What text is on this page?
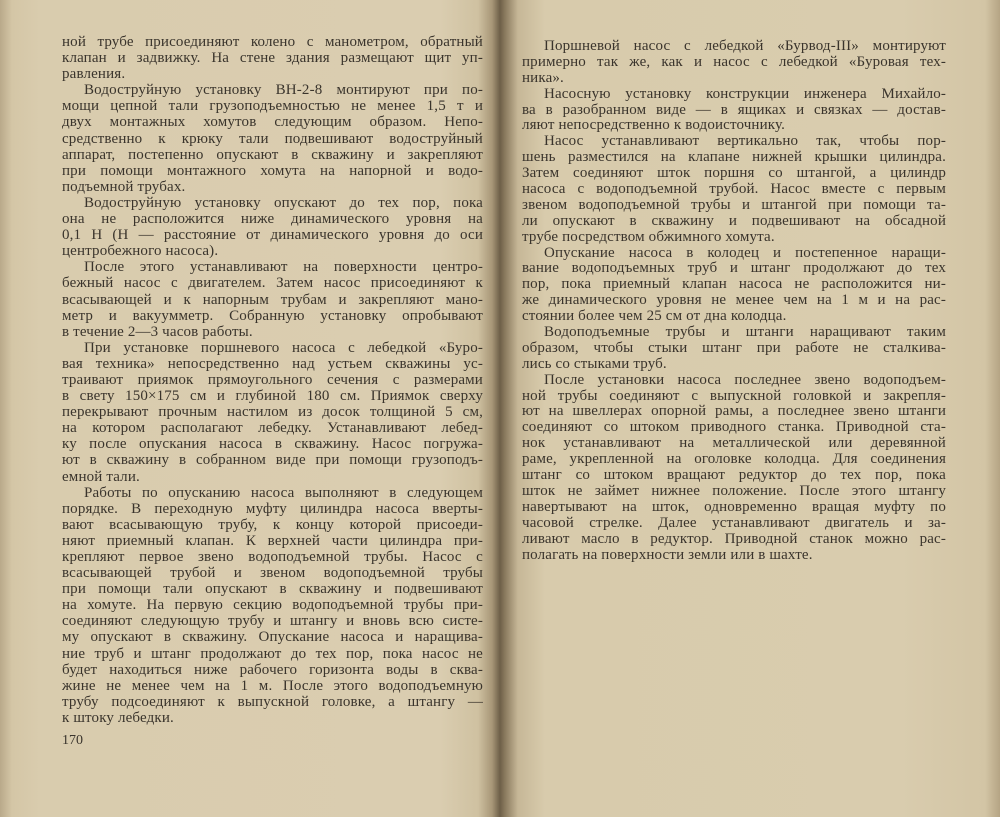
ной трубе присоединяют колено с манометром, обратный
клапан и задвижку. На стене здания размещают щит уп-
равления.
Водоструйную установку ВН-2-8 монтируют при по-
мощи цепной тали грузоподъемностью не менее 1,5 т и
двух монтажных хомутов следующим образом. Непо-
средственно к крюку тали подвешивают водоструйный
аппарат, постепенно опускают в скважину и закрепляют
при помощи монтажного хомута на напорной и водо-
подъемной трубах.
Водоструйную установку опускают до тех пор, пока
она не расположится ниже динамического уровня на
0,1 H (H — расстояние от динамического уровня до оси
центробежного насоса).
После этого устанавливают на поверхности центро-
бежный насос с двигателем. Затем насос присоединяют к
всасывающей и к напорным трубам и закрепляют мано-
метр и вакуумметр. Собранную установку опробывают
в течение 2—3 часов работы.
При установке поршневого насоса с лебедкой «Буро-
вая техника» непосредственно над устьем скважины ус-
траивают приямок прямоугольного сечения с размерами
в свету 150×175 см и глубиной 180 см. Приямок сверху
перекрывают прочным настилом из досок толщиной 5 см,
на котором располагают лебедку. Устанавливают лебед-
ку после опускания насоса в скважину. Насос погружа-
ют в скважину в собранном виде при помощи грузоподъ-
емной тали.
Работы по опусканию насоса выполняют в следующем
порядке. В переходную муфту цилиндра насоса вверты-
вают всасывающую трубу, к концу которой присоеди-
няют приемный клапан. К верхней части цилиндра при-
крепляют первое звено водоподъемной трубы. Насос с
всасывающей трубой и звеном водоподъемной трубы
при помощи тали опускают в скважину и подвешивают
на хомуте. На первую секцию водоподъемной трубы при-
соединяют следующую трубу и штангу и вновь всю систе-
му опускают в скважину. Опускание насоса и наращива-
ние труб и штанг продолжают до тех пор, пока насос не
будет находиться ниже рабочего горизонта воды в сква-
жине не менее чем на 1 м. После этого водоподъемную
трубу подсоединяют к выпускной головке, а штангу —
к штоку лебедки.
Поршневой насос с лебедкой «Бурвод-III» монтируют
примерно так же, как и насос с лебедкой «Буровая тех-
ника».
Насосную установку конструкции инженера Михайло-
ва в разобранном виде — в ящиках и связках — достав-
ляют непосредственно к водоисточнику.
Насос устанавливают вертикально так, чтобы пор-
шень разместился на клапане нижней крышки цилиндра.
Затем соединяют шток поршня со штангой, а цилиндр
насоса с водоподъемной трубой. Насос вместе с первым
звеном водоподъемной трубы и штангой при помощи та-
ли опускают в скважину и подвешивают на обсадной
трубе посредством обжимного хомута.
Опускание насоса в колодец и постепенное наращи-
вание водоподъемных труб и штанг продолжают до тех
пор, пока приемный клапан насоса не расположится ни-
же динамического уровня не менее чем на 1 м и на рас-
стоянии более чем 25 см от дна колодца.
Водоподъемные трубы и штанги наращивают таким
образом, чтобы стыки штанг при работе не сталкива-
лись со стыками труб.
После установки насоса последнее звено водоподъем-
ной трубы соединяют с выпускной головкой и закрепля-
ют на швеллерах опорной рамы, а последнее звено штанги
соединяют со штоком приводного станка. Приводной ста-
нок устанавливают на металлической или деревянной
раме, укрепленной на оголовке колодца. Для соединения
штанг со штоком вращают редуктор до тех пор, пока
шток не займет нижнее положение. После этого штангу
навертывают на шток, одновременно вращая муфту по
часовой стрелке. Далее устанавливают двигатель и за-
ливают масло в редуктор. Приводной станок можно рас-
полагать на поверхности земли или в шахте.
170
